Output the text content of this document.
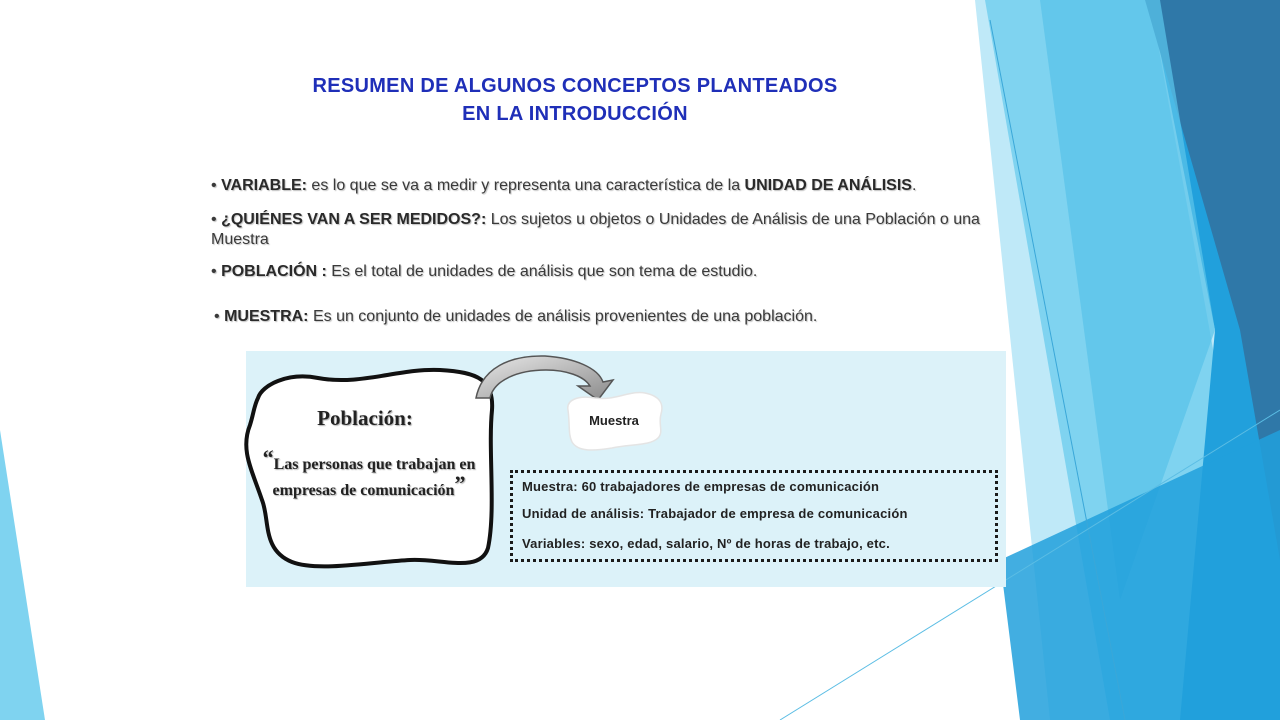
RESUMEN DE ALGUNOS CONCEPTOS PLANTEADOS
EN LA INTRODUCCIÓN
• VARIABLE: es lo que se va a medir y representa una característica de la UNIDAD DE ANÁLISIS.
• ¿QUIÉNES VAN A SER MEDIDOS?: Los sujetos u objetos o Unidades de Análisis de una Población o una Muestra
• POBLACIÓN : Es el total de unidades de análisis que son tema de estudio.
• MUESTRA: Es un conjunto de unidades de análisis provenientes de una población.
Población:
“Las personas que trabajan en empresas de comunicación”
Muestra
Muestra: 60 trabajadores de empresas de comunicación
Unidad de análisis: Trabajador de empresa de comunicación
Variables: sexo, edad, salario, Nº de horas de trabajo, etc.
